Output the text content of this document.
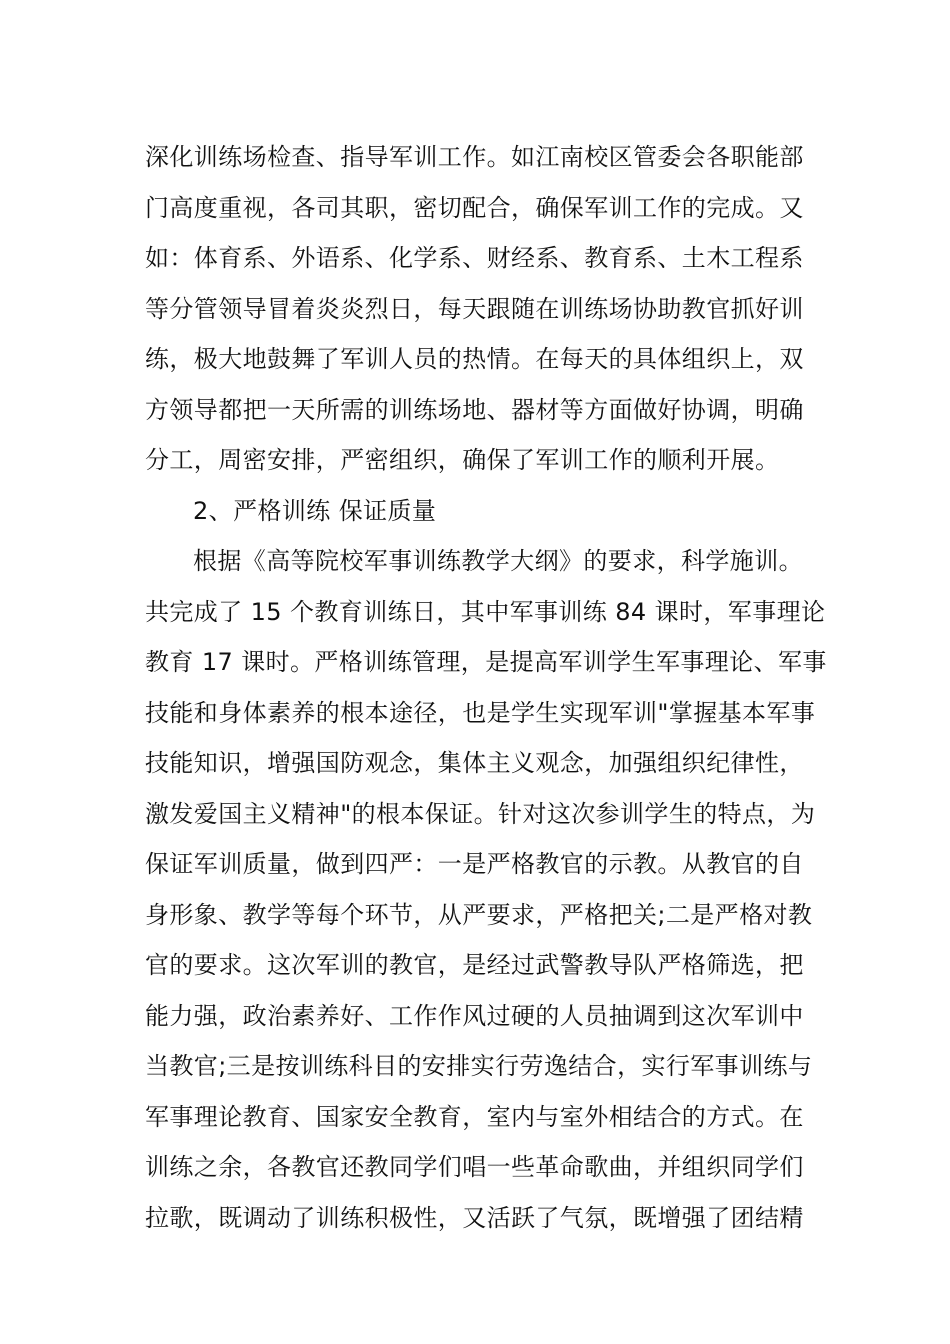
深化训练场检查、指导军训工作。如江南校区管委会各职能部
门高度重视，各司其职，密切配合，确保军训工作的完成。又
如：体育系、外语系、化学系、财经系、教育系、土木工程系
等分管领导冒着炎炎烈日，每天跟随在训练场协助教官抓好训
练，极大地鼓舞了军训人员的热情。在每天的具体组织上，双
方领导都把一天所需的训练场地、器材等方面做好协调，明确
分工，周密安排，严密组织，确保了军训工作的顺利开展。
2、严格训练 保证质量
根据《高等院校军事训练教学大纲》的要求，科学施训。
共完成了 15 个教育训练日，其中军事训练 84 课时，军事理论
教育 17 课时。严格训练管理，是提高军训学生军事理论、军事
技能和身体素养的根本途径，也是学生实现军训"掌握基本军事
技能知识，增强国防观念，集体主义观念，加强组织纪律性，
激发爱国主义精神"的根本保证。针对这次参训学生的特点，为
保证军训质量，做到四严：一是严格教官的示教。从教官的自
身形象、教学等每个环节，从严要求，严格把关;二是严格对教
官的要求。这次军训的教官，是经过武警教导队严格筛选，把
能力强，政治素养好、工作作风过硬的人员抽调到这次军训中
当教官;三是按训练科目的安排实行劳逸结合，实行军事训练与
军事理论教育、国家安全教育，室内与室外相结合的方式。在
训练之余，各教官还教同学们唱一些革命歌曲，并组织同学们
拉歌，既调动了训练积极性，又活跃了气氛，既增强了团结精
